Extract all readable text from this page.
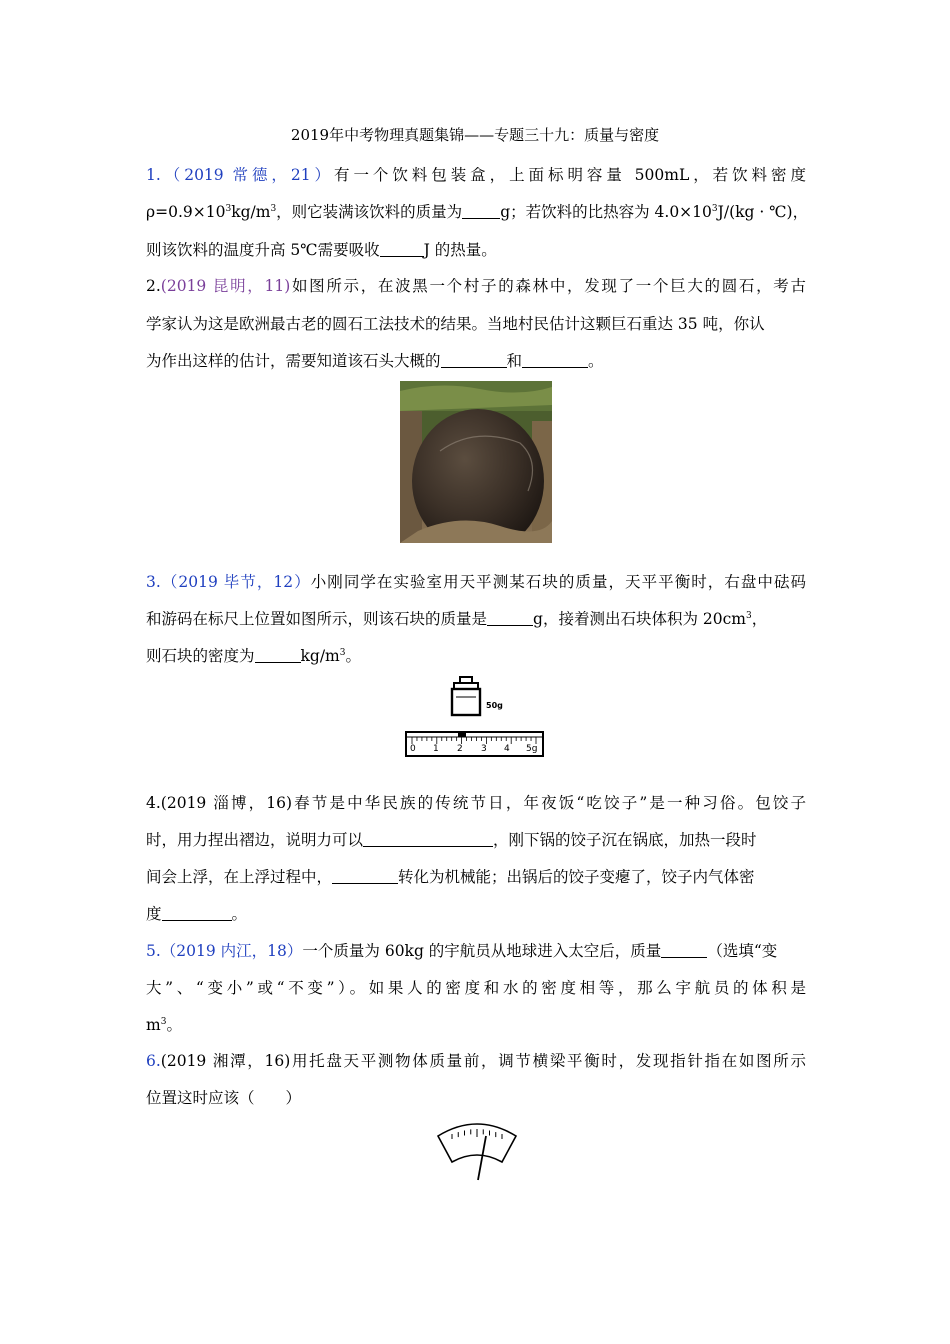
2019年中考物理真题集锦——专题三十九：质量与密度
1.（2019 常德，21）有一个饮料包装盒，上面标明容量 500mL，若饮料密度
$\rho=0.9\times 10^3kg/m^3$，则它装满该饮料的质量为 g；若饮料的比热容为 $4.0\times 10^3J/(kg$ · ℃)，
则该饮料的温度升高 5℃需要吸收	J 的热量。
2.(2019 昆明，11)如图所示，在波黑一个村子的森林中，发现了一个巨大的圆石，考古
学家认为这是欧洲最古老的圆石工法技术的结果。当地村民估计这颗巨石重达 35 吨，你认
为作出这样的估计，需要知道该石头大概的	和	。
3.（2019 毕节，12）小刚同学在实验室用天平测某石块的质量，天平平衡时，右盘中砝码
和游码在标尺上位置如图所示，则该石块的质量是	g，接着测出石块体积为 $20cm^3$，
则石块的密度为	$kg/m^3$。
50g
0 1 2 3 4 5g
4.(2019 淄博，16)春节是中华民族的传统节日，年夜饭“吃饺子”是一种习俗。包饺子
时，用力捏出褶边，说明力可以	，刚下锅的饺子沉在锅底，加热一段时
间会上浮，在上浮过程中，	转化为机械能；出锅后的饺子变瘪了，饺子内气体密
度	。
5.（2019 内江，18）一个质量为 60kg 的宇航员从地球进入太空后，质量	（选填“变
大”、“变小”或“不变”）。如果人的密度和水的密度相等，那么宇航员的体积是
$m^3$。
6.(2019 湘潭，16)用托盘天平测物体质量前，调节横梁平衡时，发现指针指在如图所示
位置这时应该（　　）
